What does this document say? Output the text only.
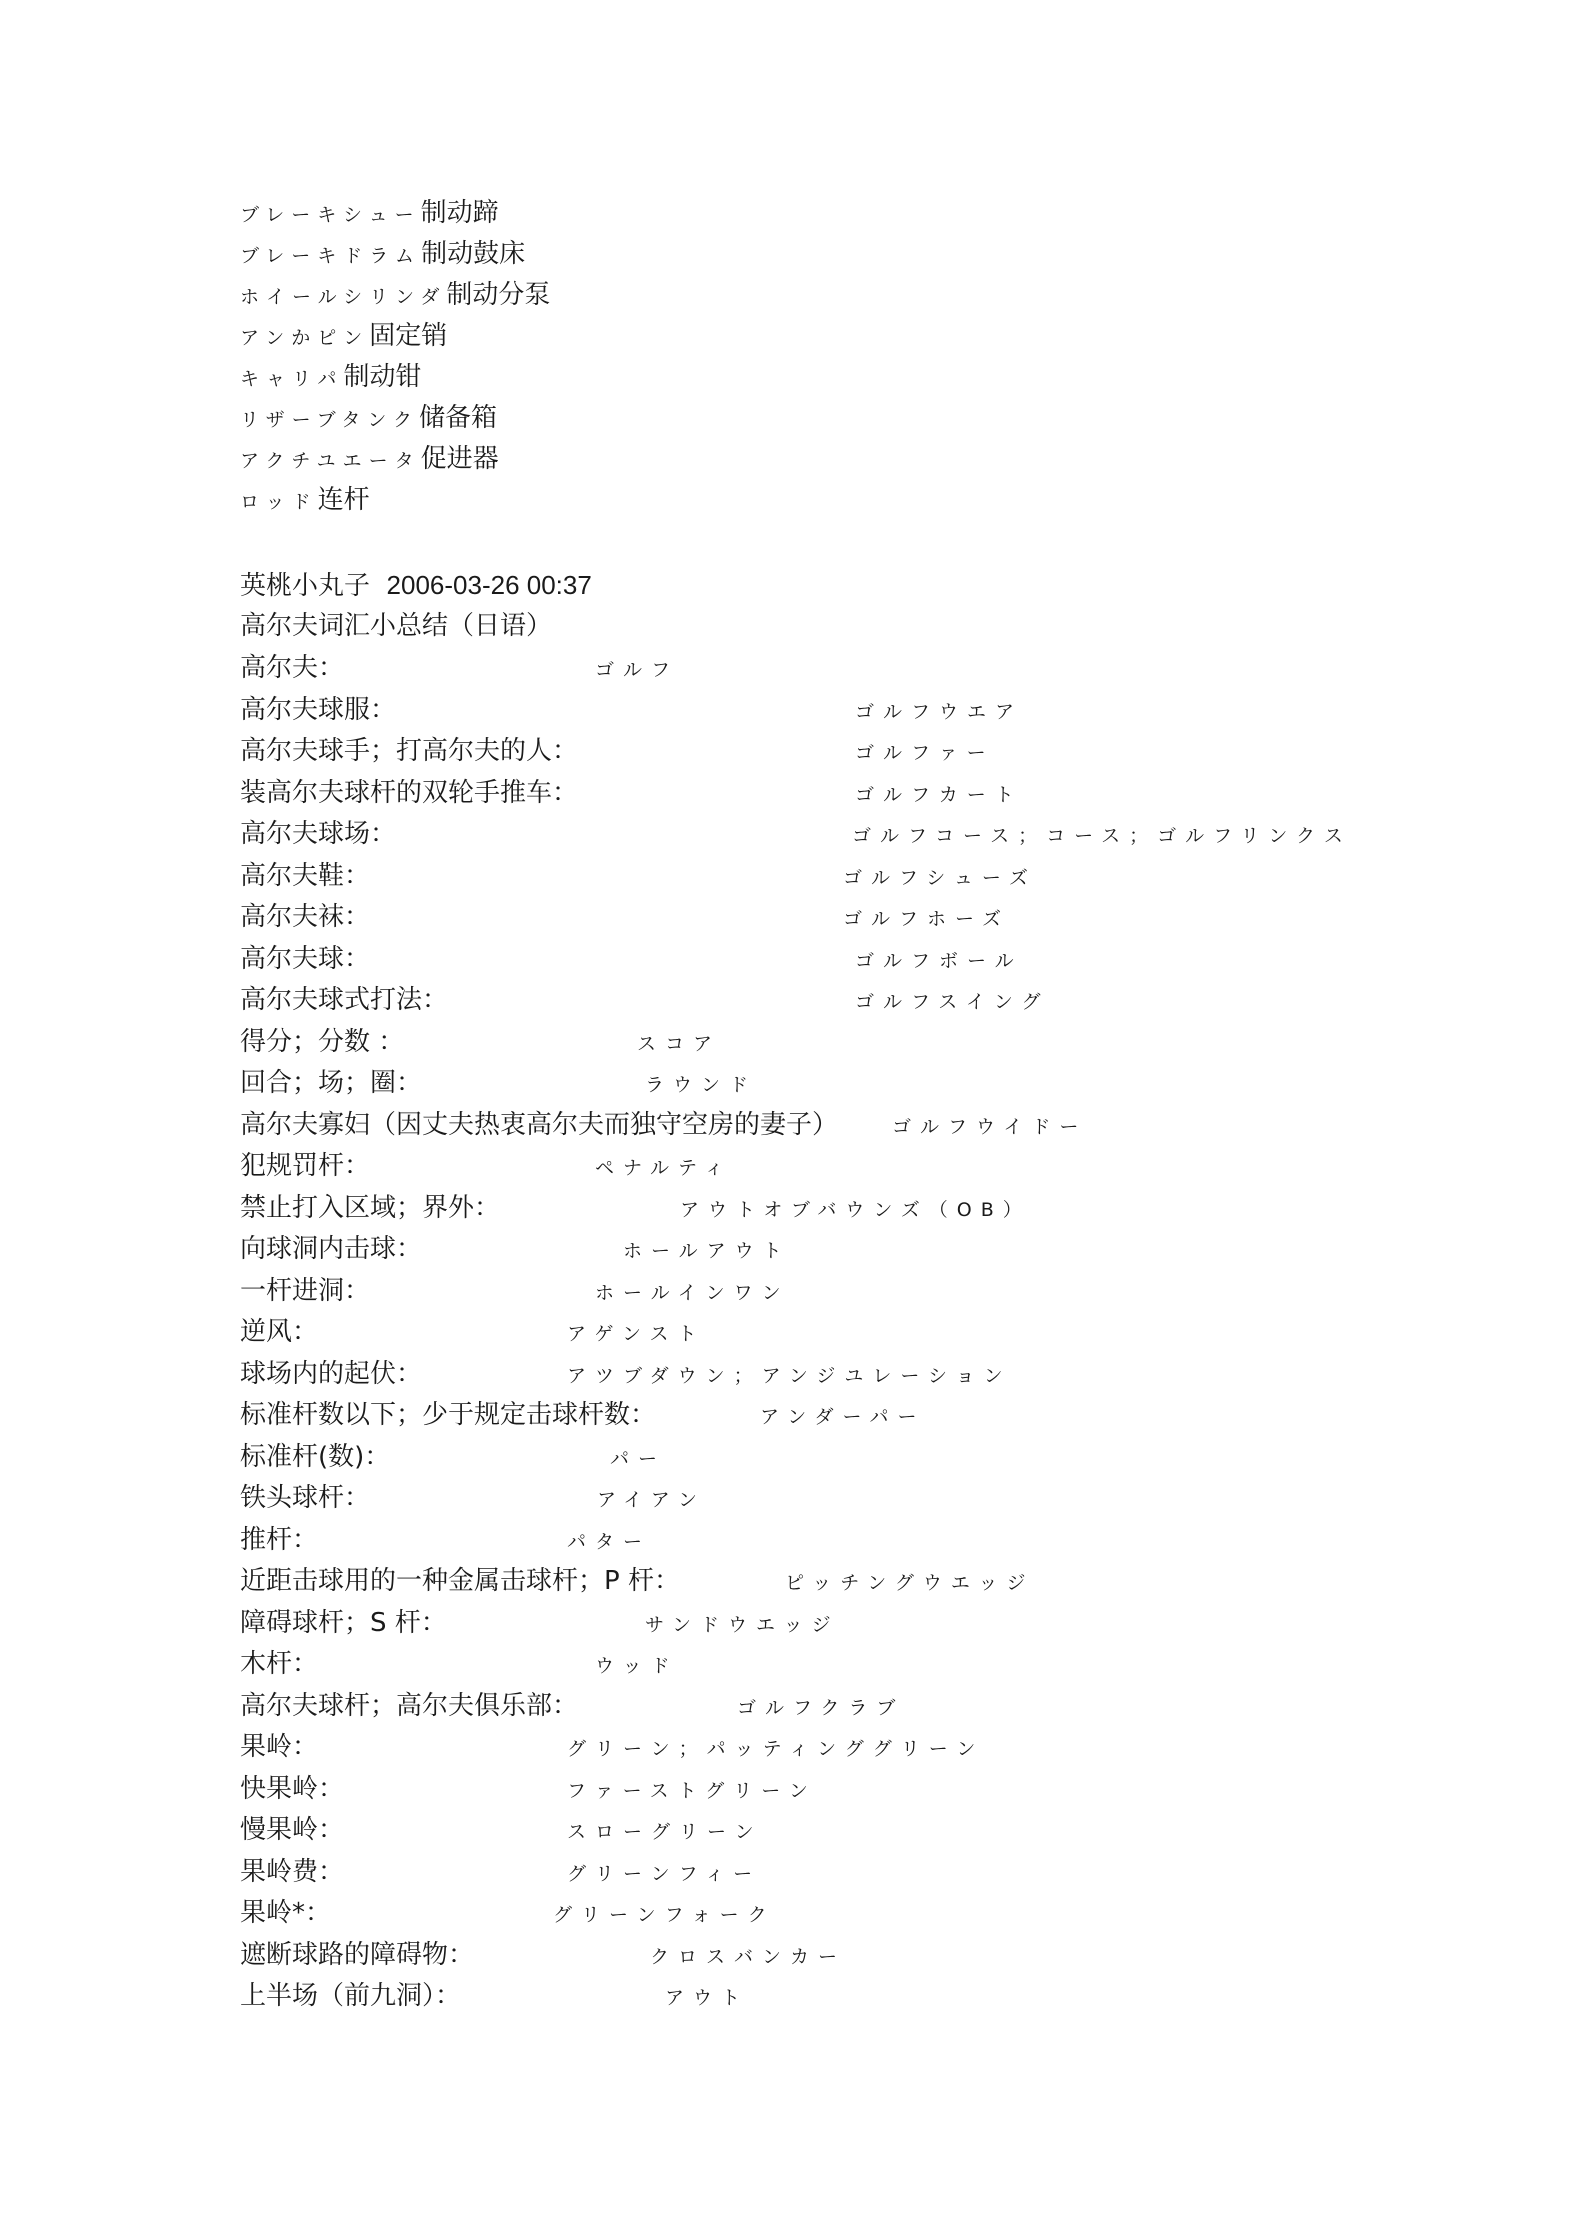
ブレーキシュー制动蹄
ブレーキドラム制动鼓床
ホイールシリンダ制动分泵
アンかピン固定销
キャリパ制动钳
リザーブタンク储备箱
アクチユエータ促进器
ロッド连杆
英桃小丸子 2006-03-26 00:37
高尔夫词汇小总结（日语）
高尔夫：	ゴルフ
高尔夫球服：	ゴルフウエア
高尔夫球手；打高尔夫的人：	ゴルファー
装高尔夫球杆的双轮手推车：	ゴルフカート
高尔夫球场：	ゴルフコース；コース；ゴルフリンクス
高尔夫鞋：	ゴルフシューズ
高尔夫袜：	ゴルフホーズ
高尔夫球：	ゴルフボール
高尔夫球式打法：	ゴルフスイング
得分；分数 ：	スコア
回合；场；圈：	ラウンド
高尔夫寡妇（因丈夫热衷高尔夫而独守空房的妻子）	ゴルフウイドー
犯规罚杆：	ペナルティ
禁止打入区域；界外：	アウトオブバウンズ（OB）
向球洞内击球：	ホールアウト
一杆进洞：	ホールインワン
逆风：	アゲンスト
球场内的起伏：	アツブダウン；アンジユレーション
标准杆数以下；少于规定击球杆数：	アンダーパー
标准杆(数)：	パー
铁头球杆：	アイアン
推杆：	パター
近距击球用的一种金属击球杆；P 杆：	ピッチングウエッジ
障碍球杆；S 杆：	サンドウエッジ
木杆：	ウッド
高尔夫球杆；高尔夫俱乐部：	ゴルフクラブ
果岭：	グリーン；パッティンググリーン
快果岭：	ファーストグリーン
慢果岭：	スローグリーン
果岭费：	グリーンフィー
果岭*：	グリーンフォーク
遮断球路的障碍物：	クロスバンカー
上半场（前九洞）：	アウト
